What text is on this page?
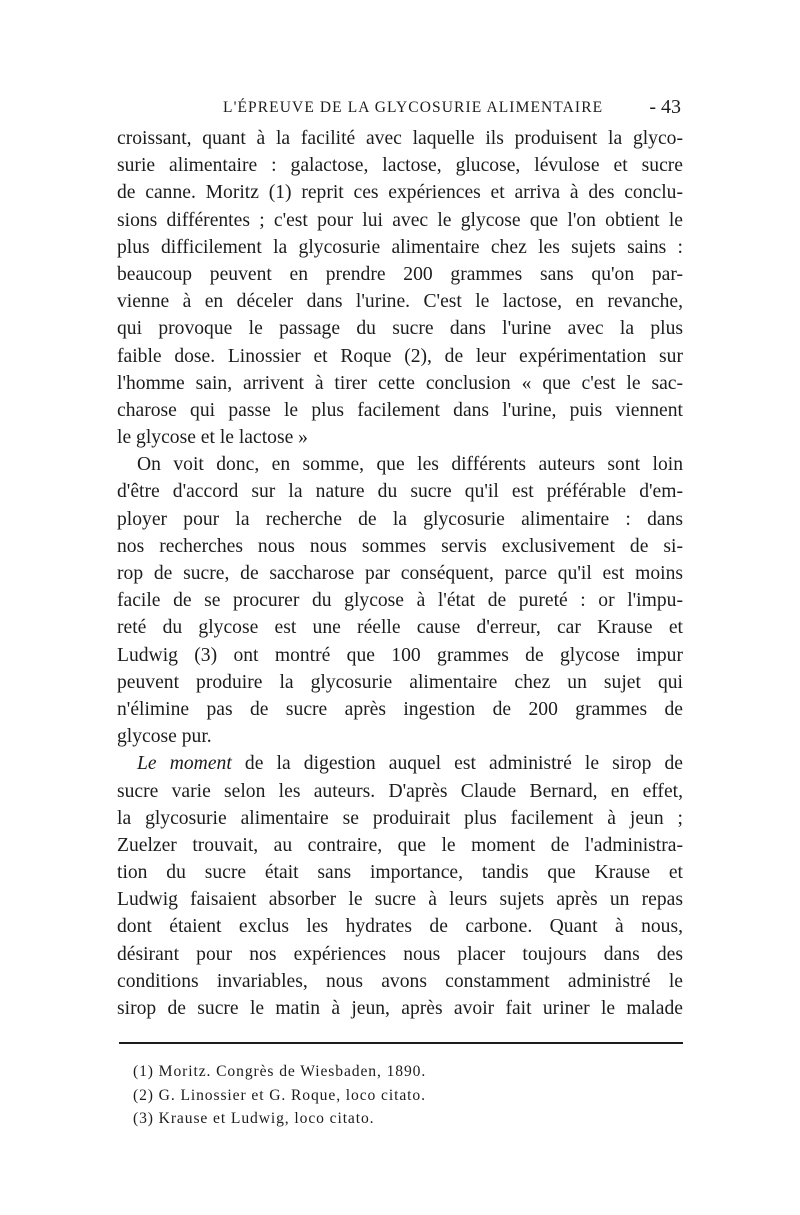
L'ÉPREUVE DE LA GLYCOSURIE ALIMENTAIRE - 43
croissant, quant à la facilité avec laquelle ils produisent la glyco-
surie alimentaire : galactose, lactose, glucose, lévulose et sucre
de canne. Moritz (1) reprit ces expériences et arriva à des conclu-
sions différentes ; c'est pour lui avec le glycose que l'on obtient le
plus difficilement la glycosurie alimentaire chez les sujets sains :
beaucoup peuvent en prendre 200 grammes sans qu'on par-
vienne à en déceler dans l'urine. C'est le lactose, en revanche,
qui provoque le passage du sucre dans l'urine avec la plus
faible dose. Linossier et Roque (2), de leur expérimentation sur
l'homme sain, arrivent à tirer cette conclusion « que c'est le sac-
charose qui passe le plus facilement dans l'urine, puis viennent
le glycose et le lactose »
On voit donc, en somme, que les différents auteurs sont loin
d'être d'accord sur la nature du sucre qu'il est préférable d'em-
ployer pour la recherche de la glycosurie alimentaire : dans
nos recherches nous nous sommes servis exclusivement de si-
rop de sucre, de saccharose par conséquent, parce qu'il est moins
facile de se procurer du glycose à l'état de pureté : or l'impu-
reté du glycose est une réelle cause d'erreur, car Krause et
Ludwig (3) ont montré que 100 grammes de glycose impur
peuvent produire la glycosurie alimentaire chez un sujet qui
n'élimine pas de sucre après ingestion de 200 grammes de
glycose pur.
Le moment de la digestion auquel est administré le sirop de
sucre varie selon les auteurs. D'après Claude Bernard, en effet,
la glycosurie alimentaire se produirait plus facilement à jeun ;
Zuelzer trouvait, au contraire, que le moment de l'administra-
tion du sucre était sans importance, tandis que Krause et
Ludwig faisaient absorber le sucre à leurs sujets après un repas
dont étaient exclus les hydrates de carbone. Quant à nous,
désirant pour nos expériences nous placer toujours dans des
conditions invariables, nous avons constamment administré le
sirop de sucre le matin à jeun, après avoir fait uriner le malade
(1) Moritz. Congrès de Wiesbaden, 1890.
(2) G. Linossier et G. Roque, loco citato.
(3) Krause et Ludwig, loco citato.
